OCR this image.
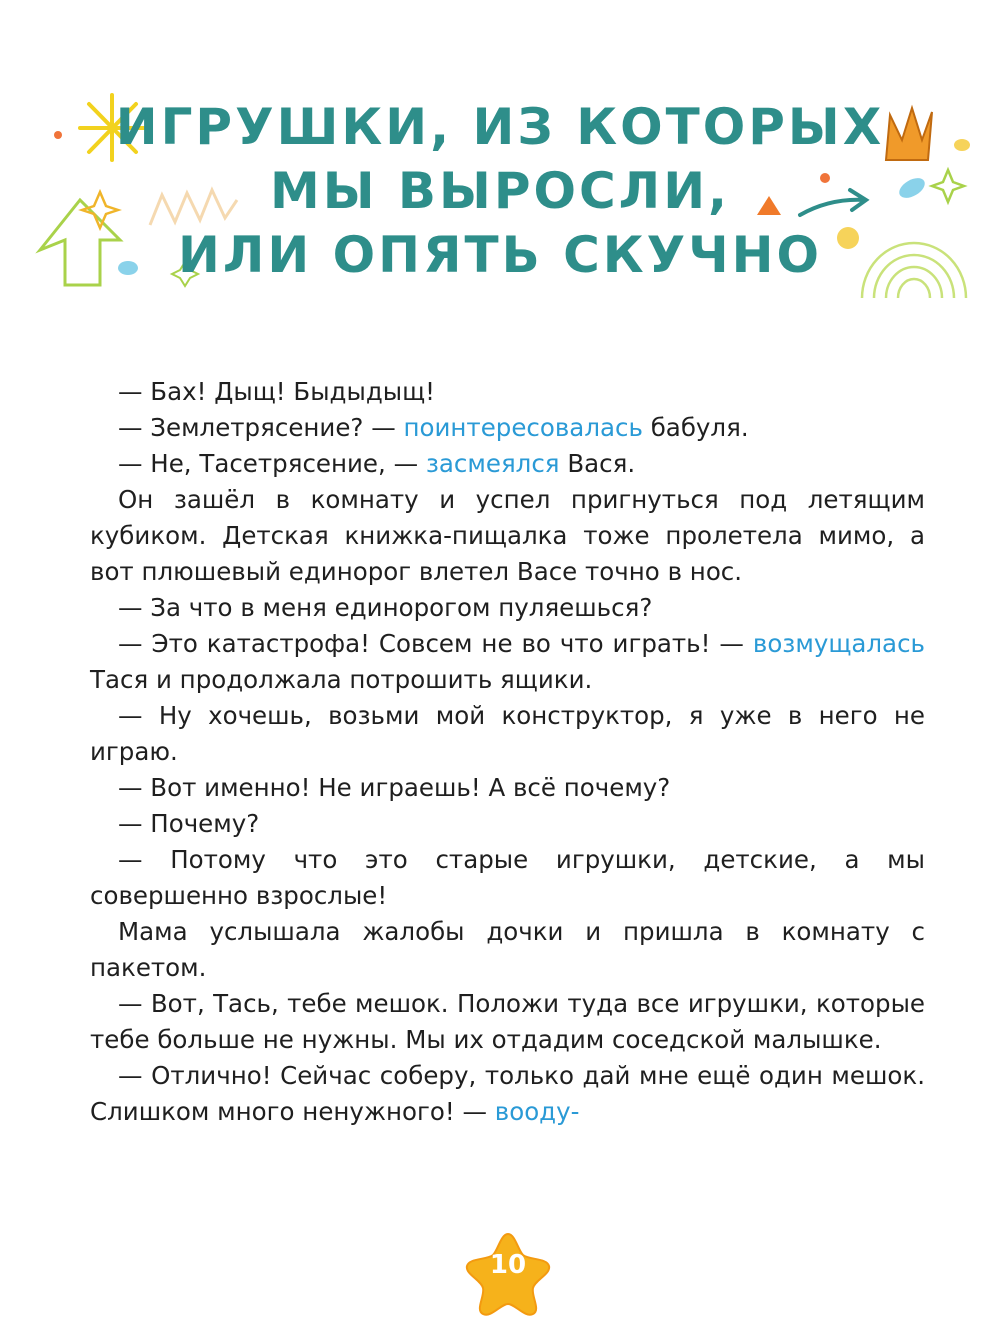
ИГРУШКИ, ИЗ КОТОРЫХ
МЫ ВЫРОСЛИ,
ИЛИ ОПЯТЬ СКУЧНО
— Бах! Дыщ! Быдыдыщ!
— Землетрясение? — поинтересовалась бабуля.
— Не, Тасетрясение, — засмеялся Вася.
Он зашёл в комнату и успел пригнуться под летящим кубиком. Детская книжка-пищалка тоже пролетела мимо, а вот плюшевый единорог влетел Васе точно в нос.
— За что в меня единорогом пуляешься?
— Это катастрофа! Совсем не во что играть! — возмущалась Тася и продолжала потрошить ящики.
— Ну хочешь, возьми мой конструктор, я уже в него не играю.
— Вот именно! Не играешь! А всё почему?
— Почему?
— Потому что это старые игрушки, детские, а мы совершенно взрослые!
Мама услышала жалобы дочки и пришла в комнату с пакетом.
— Вот, Тась, тебе мешок. Положи туда все игрушки, которые тебе больше не нужны. Мы их отдадим соседской малышке.
— Отлично! Сейчас соберу, только дай мне ещё один мешок. Слишком много ненужного! — вооду-
10
